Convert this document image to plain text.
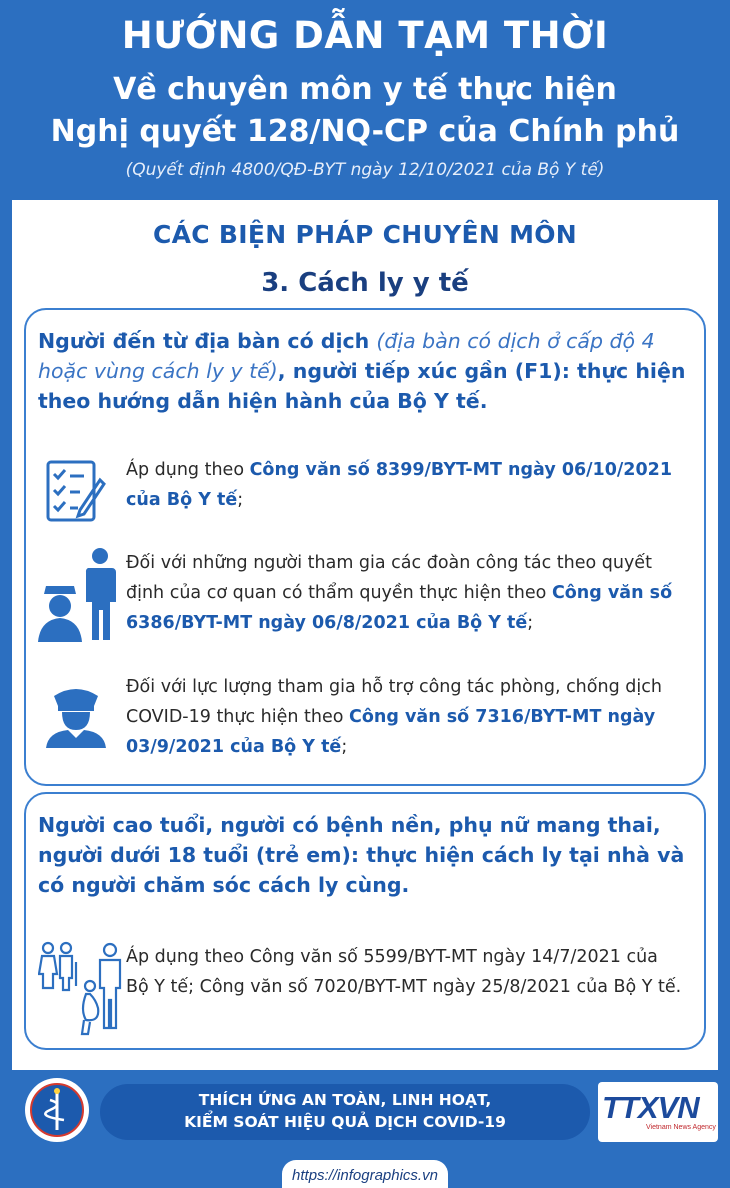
HƯỚNG DẪN TẠM THỜI
Về chuyên môn y tế thực hiện
Nghị quyết 128/NQ-CP của Chính phủ
(Quyết định 4800/QĐ-BYT ngày 12/10/2021 của Bộ Y tế)
CÁC BIỆN PHÁP CHUYÊN MÔN
3. Cách ly y tế
Người đến từ địa bàn có dịch (địa bàn có dịch ở cấp độ 4 hoặc vùng cách ly y tế), người tiếp xúc gần (F1): thực hiện theo hướng dẫn hiện hành của Bộ Y tế.
Áp dụng theo Công văn số 8399/BYT-MT ngày 06/10/2021 của Bộ Y tế;
Đối với những người tham gia các đoàn công tác theo quyết định của cơ quan có thẩm quyền thực hiện theo Công văn số 6386/BYT-MT ngày 06/8/2021 của Bộ Y tế;
Đối với lực lượng tham gia hỗ trợ công tác phòng, chống dịch COVID-19 thực hiện theo Công văn số 7316/BYT-MT ngày 03/9/2021 của Bộ Y tế;
Người cao tuổi, người có bệnh nền, phụ nữ mang thai, người dưới 18 tuổi (trẻ em): thực hiện cách ly tại nhà và có người chăm sóc cách ly cùng.
Áp dụng theo Công văn số 5599/BYT-MT ngày 14/7/2021 của Bộ Y tế; Công văn số 7020/BYT-MT ngày 25/8/2021 của Bộ Y tế.
THÍCH ỨNG AN TOÀN, LINH HOẠT,
KIỂM SOÁT HIỆU QUẢ DỊCH COVID-19	TTXVN
Vietnam News Agency
https://infographics.vn
